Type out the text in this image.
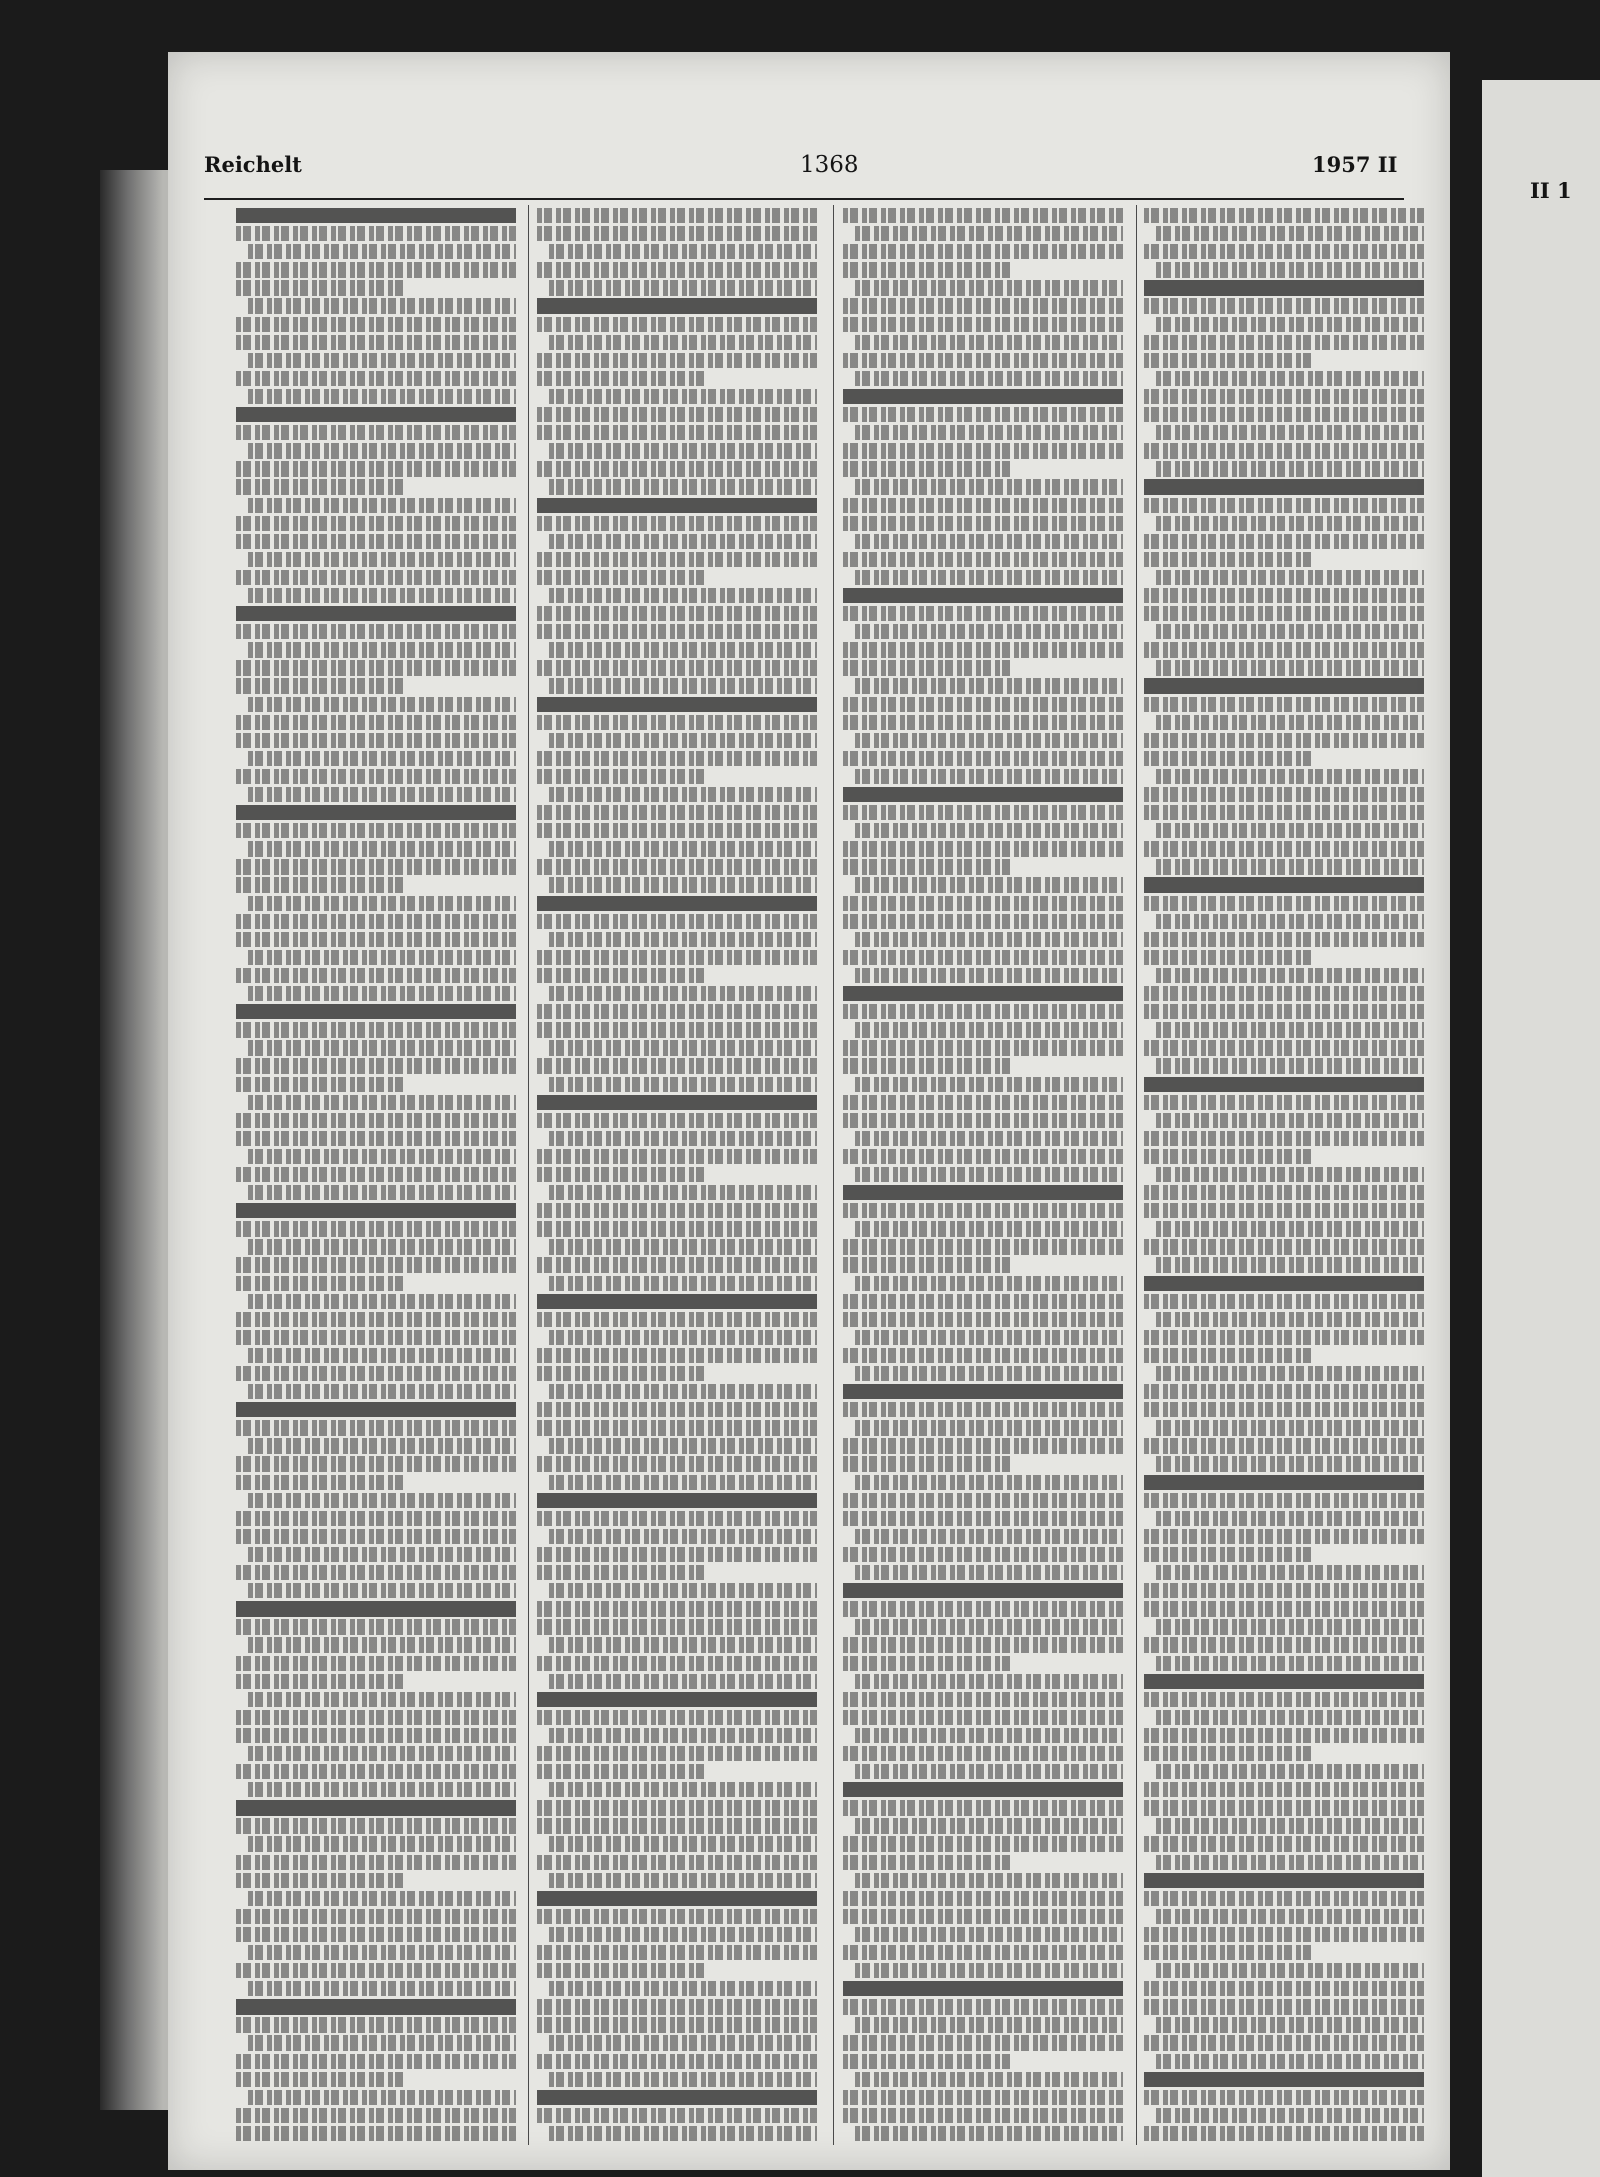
II 1
Reichelt	1368	1957 II
